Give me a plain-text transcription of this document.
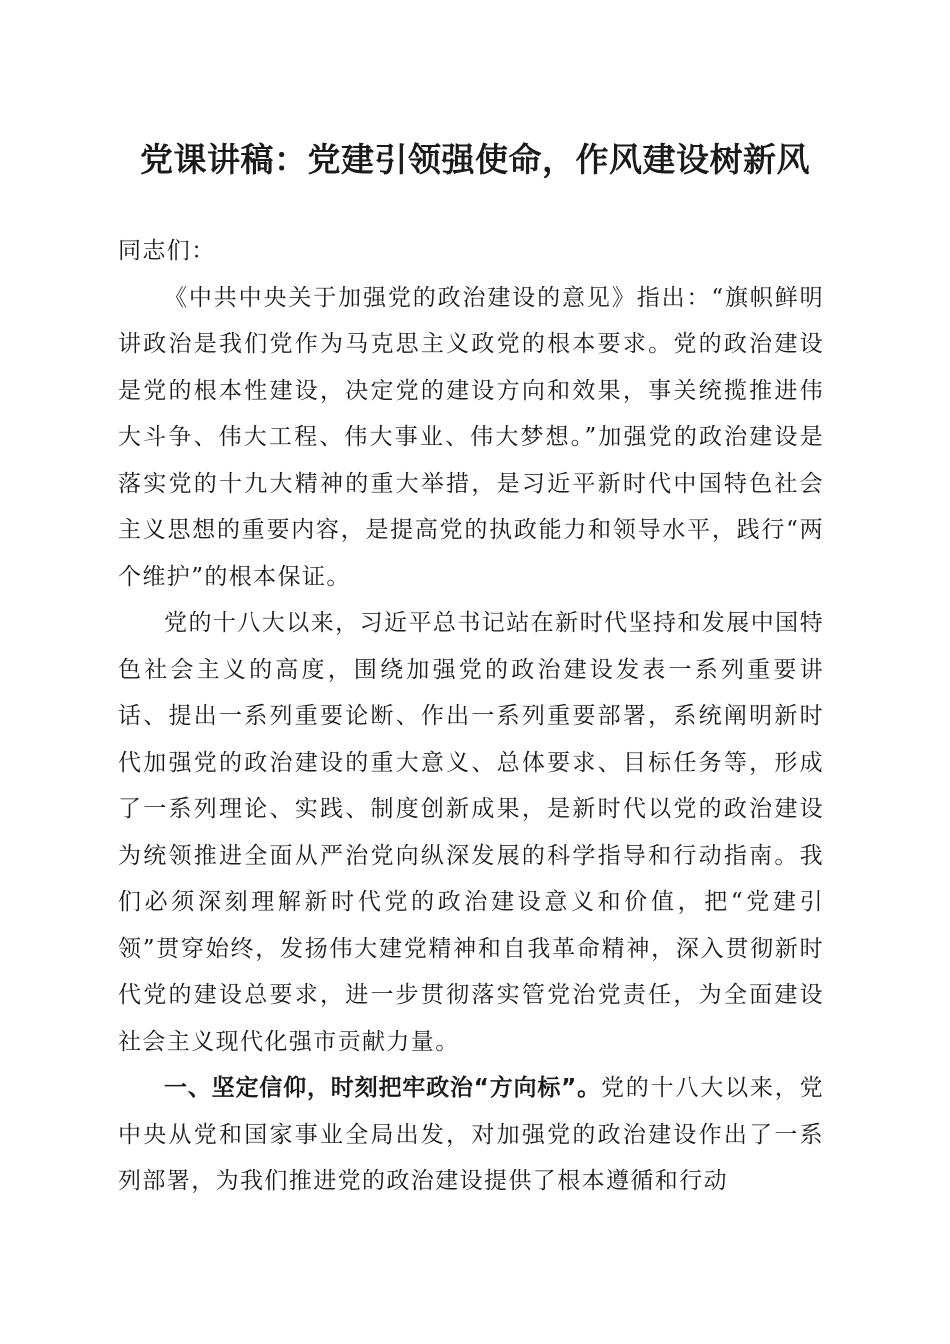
党课讲稿：党建引领强使命，作风建设树新风

同志们：

《中共中央关于加强党的政治建设的意见》指出：“旗帜鲜明讲政治是我们党作为马克思主义政党的根本要求。党的政治建设是党的根本性建设，决定党的建设方向和效果，事关统揽推进伟大斗争、伟大工程、伟大事业、伟大梦想。”加强党的政治建设是落实党的十九大精神的重大举措，是习近平新时代中国特色社会主义思想的重要内容，是提高党的执政能力和领导水平，践行“两个维护”的根本保证。

党的十八大以来，习近平总书记站在新时代坚持和发展中国特色社会主义的高度，围绕加强党的政治建设发表一系列重要讲话、提出一系列重要论断、作出一系列重要部署，系统阐明新时代加强党的政治建设的重大意义、总体要求、目标任务等，形成了一系列理论、实践、制度创新成果，是新时代以党的政治建设为统领推进全面从严治党向纵深发展的科学指导和行动指南。我们必须深刻理解新时代党的政治建设意义和价值，把“党建引领”贯穿始终，发扬伟大建党精神和自我革命精神，深入贯彻新时代党的建设总要求，进一步贯彻落实管党治党责任，为全面建设社会主义现代化强市贡献力量。

一、坚定信仰，时刻把牢政治“方向标”。党的十八大以来，党中央从党和国家事业全局出发，对加强党的政治建设作出了一系列部署，为我们推进党的政治建设提供了根本遵循和行动
